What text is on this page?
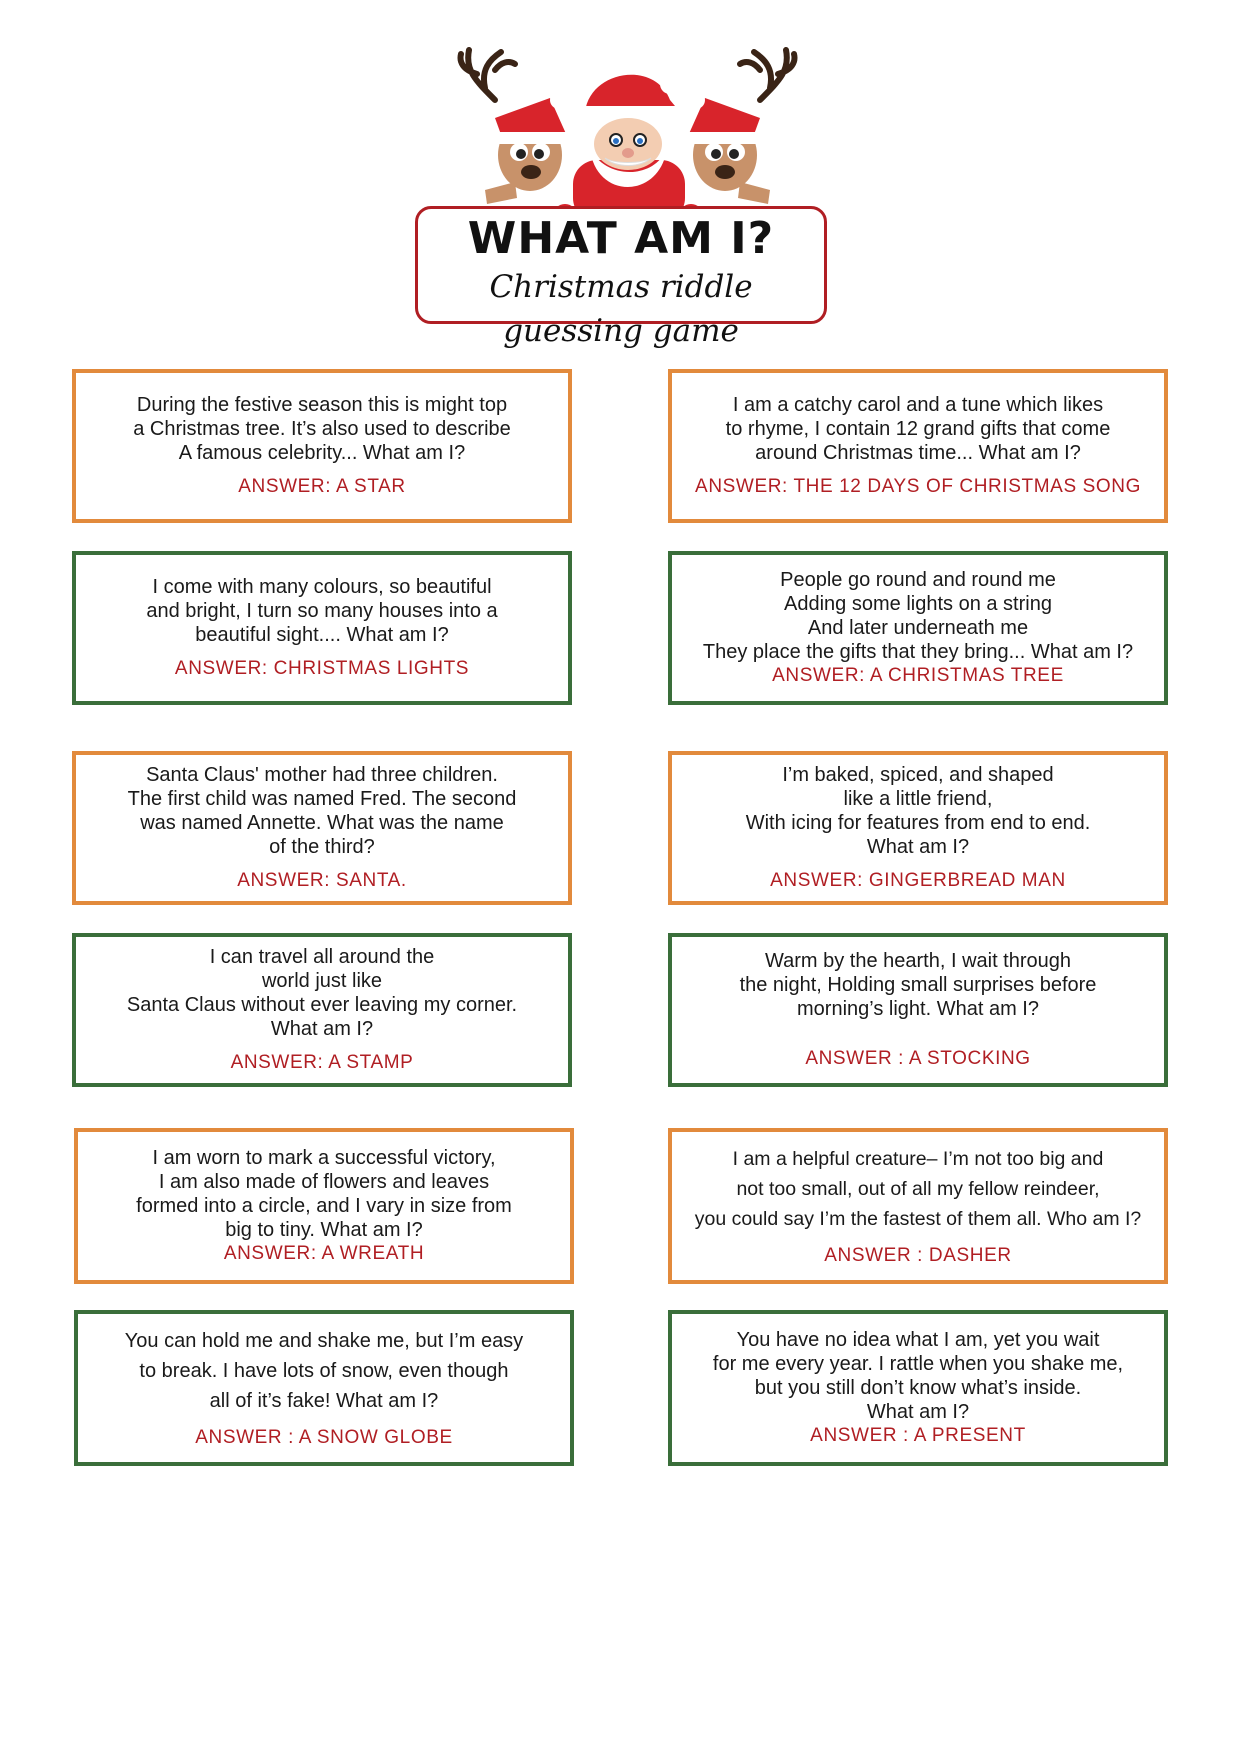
WHAT AM I?
Christmas riddle guessing game
During the festive season this is might top
a Christmas tree. It’s also used to describe
A famous celebrity... What am I?
ANSWER: A STAR
I am a catchy carol and a tune which likes
to rhyme, I contain 12 grand gifts that come
around Christmas time... What am I?
ANSWER: THE 12 DAYS OF CHRISTMAS SONG
I come with many colours, so beautiful
and bright, I turn so many houses into a
beautiful sight.... What am I?
ANSWER: CHRISTMAS LIGHTS
People go round and round me
Adding some lights on a string
And later underneath me
They place the gifts that they bring... What am I?
ANSWER: A CHRISTMAS TREE
Santa Claus' mother had three children.
The first child was named Fred. The second
was named Annette. What was the name
of the third?
ANSWER: SANTA.
I’m baked, spiced, and shaped
like a little friend,
With icing for features from end to end.
What am I?
ANSWER: GINGERBREAD MAN
I can travel all around the
world just like
Santa Claus without ever leaving my corner.
What am I?
ANSWER: A STAMP
Warm by the hearth, I wait through
the night, Holding small surprises before
morning’s light. What am I?
ANSWER : A STOCKING
I am worn to mark a successful victory,
I am also made of flowers and leaves
formed into a circle, and I vary in size from
big to tiny. What am I?
ANSWER: A WREATH
I am a helpful creature– I’m not too big and
not too small, out of all my fellow reindeer,
you could say I’m the fastest of them all. Who am I?
ANSWER : DASHER
You can hold me and shake me, but I’m easy
to break. I have lots of snow, even though
all of it’s fake! What am I?
ANSWER : A SNOW GLOBE
You have no idea what I am, yet you wait
for me every year. I rattle when you shake me,
but you still don’t know what’s inside.
What am I?
ANSWER : A PRESENT
